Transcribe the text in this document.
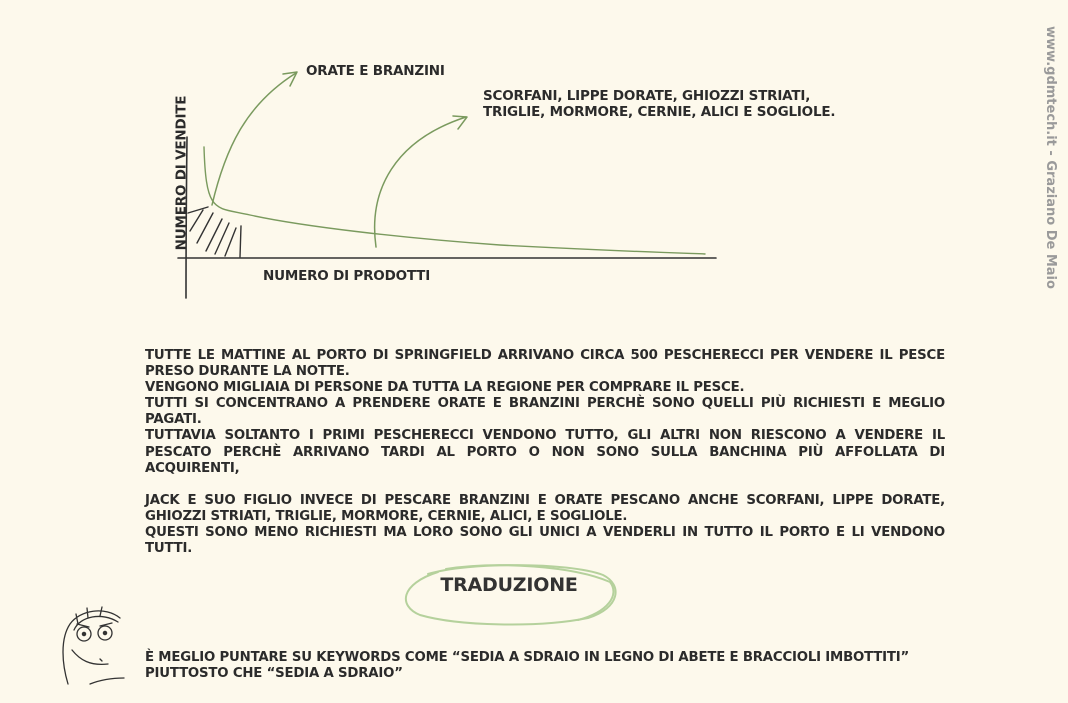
ORATE E BRANZINI
SCORFANI, LIPPE DORATE, GHIOZZI STRIATI,
TRIGLIE, MORMORE, CERNIE, ALICI E SOGLIOLE.
NUMERO DI VENDITE
NUMERO DI PRODOTTI	www.gdmtech.it - Graziano De Maio

TUTTE LE MATTINE AL PORTO DI SPRINGFIELD ARRIVANO CIRCA 500 PESCHERECCI PER VENDERE IL PESCE PRESO DURANTE LA NOTTE.

VENGONO MIGLIAIA DI PERSONE DA TUTTA LA REGIONE PER COMPRARE IL PESCE.

TUTTI SI CONCENTRANO A PRENDERE ORATE E BRANZINI PERCHÈ SONO QUELLI PIÙ RICHIESTI E MEGLIO PAGATI.

TUTTAVIA SOLTANTO I PRIMI PESCHERECCI VENDONO TUTTO, GLI ALTRI NON RIESCONO A VENDERE IL PESCATO PERCHÈ ARRIVANO TARDI AL PORTO O NON SONO SULLA BANCHINA PIÙ AFFOLLATA DI ACQUIRENTI,

JACK E SUO FIGLIO INVECE DI PESCARE BRANZINI E ORATE PESCANO ANCHE SCORFANI, LIPPE DORATE, GHIOZZI STRIATI, TRIGLIE, MORMORE, CERNIE, ALICI, E SOGLIOLE.

QUESTI SONO MENO RICHIESTI MA LORO SONO GLI UNICI A VENDERLI IN TUTTO IL PORTO E LI VENDONO TUTTI.

TRADUZIONE

È MEGLIO PUNTARE SU KEYWORDS COME “SEDIA A SDRAIO IN LEGNO DI ABETE E BRACCIOLI IMBOTTITI”

PIUTTOSTO CHE “SEDIA A SDRAIO”
